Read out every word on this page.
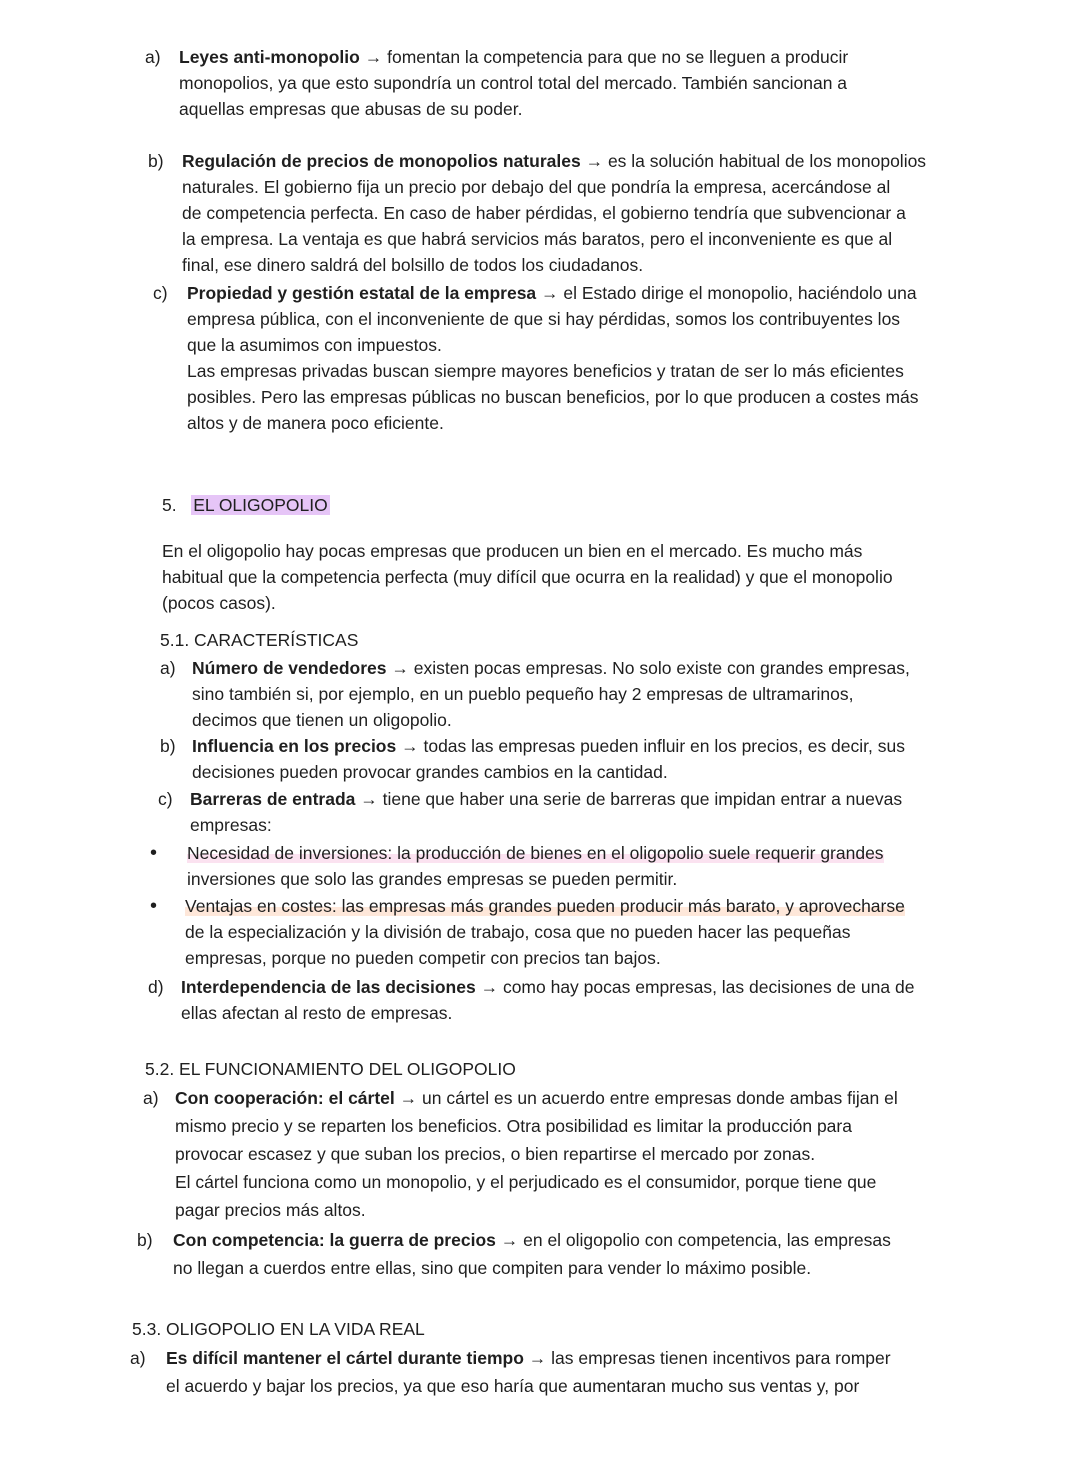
a) Leyes anti-monopolio → fomentan la competencia para que no se lleguen a producir
monopolios, ya que esto supondría un control total del mercado. También sancionan a
aquellas empresas que abusas de su poder.
b) Regulación de precios de monopolios naturales → es la solución habitual de los monopolios
naturales. El gobierno fija un precio por debajo del que pondría la empresa, acercándose al
de competencia perfecta. En caso de haber pérdidas, el gobierno tendría que subvencionar a
la empresa. La ventaja es que habrá servicios más baratos, pero el inconveniente es que al
final, ese dinero saldrá del bolsillo de todos los ciudadanos.
c) Propiedad y gestión estatal de la empresa → el Estado dirige el monopolio, haciéndolo una
empresa pública, con el inconveniente de que si hay pérdidas, somos los contribuyentes los
que la asumimos con impuestos.
Las empresas privadas buscan siempre mayores beneficios y tratan de ser lo más eficientes
posibles. Pero las empresas públicas no buscan beneficios, por lo que producen a costes más
altos y de manera poco eficiente.
5. EL OLIGOPOLIO
En el oligopolio hay pocas empresas que producen un bien en el mercado. Es mucho más
habitual que la competencia perfecta (muy difícil que ocurra en la realidad) y que el monopolio
(pocos casos).
5.1. CARACTERÍSTICAS
a) Número de vendedores → existen pocas empresas. No solo existe con grandes empresas,
sino también si, por ejemplo, en un pueblo pequeño hay 2 empresas de ultramarinos,
decimos que tienen un oligopolio.
b) Influencia en los precios → todas las empresas pueden influir en los precios, es decir, sus
decisiones pueden provocar grandes cambios en la cantidad.
c) Barreras de entrada → tiene que haber una serie de barreras que impidan entrar a nuevas
empresas:
• Necesidad de inversiones: la producción de bienes en el oligopolio suele requerir grandes
inversiones que solo las grandes empresas se pueden permitir.
• Ventajas en costes: las empresas más grandes pueden producir más barato, y aprovecharse
de la especialización y la división de trabajo, cosa que no pueden hacer las pequeñas
empresas, porque no pueden competir con precios tan bajos.
d) Interdependencia de las decisiones → como hay pocas empresas, las decisiones de una de
ellas afectan al resto de empresas.
5.2. EL FUNCIONAMIENTO DEL OLIGOPOLIO
a) Con cooperación: el cártel → un cártel es un acuerdo entre empresas donde ambas fijan el
mismo precio y se reparten los beneficios. Otra posibilidad es limitar la producción para
provocar escasez y que suban los precios, o bien repartirse el mercado por zonas.
El cártel funciona como un monopolio, y el perjudicado es el consumidor, porque tiene que
pagar precios más altos.
b) Con competencia: la guerra de precios → en el oligopolio con competencia, las empresas
no llegan a cuerdos entre ellas, sino que compiten para vender lo máximo posible.
5.3. OLIGOPOLIO EN LA VIDA REAL
a) Es difícil mantener el cártel durante tiempo → las empresas tienen incentivos para romper
el acuerdo y bajar los precios, ya que eso haría que aumentaran mucho sus ventas y, por
